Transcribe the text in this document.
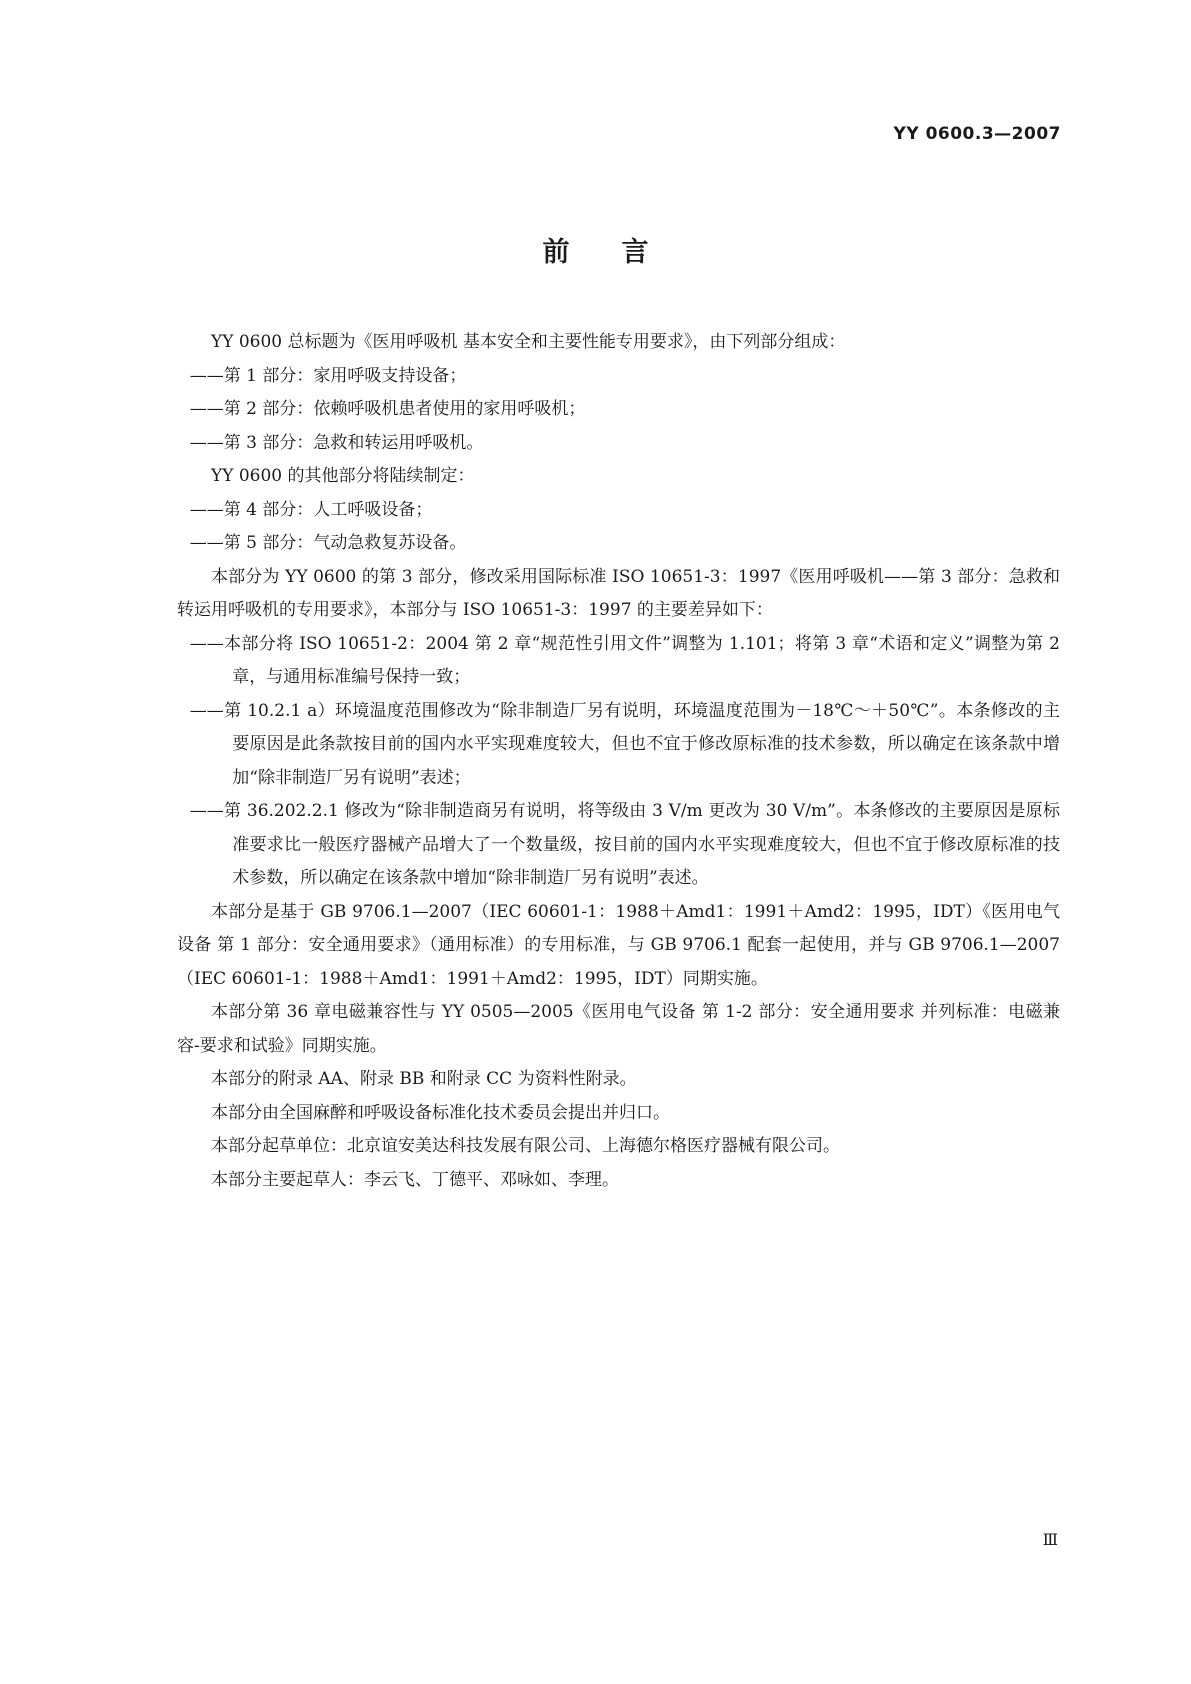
YY 0600.3—2007
前言

YY 0600 总标题为《医用呼吸机 基本安全和主要性能专用要求》，由下列部分组成：

——第 1 部分：家用呼吸支持设备；

——第 2 部分：依赖呼吸机患者使用的家用呼吸机；

——第 3 部分：急救和转运用呼吸机。

YY 0600 的其他部分将陆续制定：

——第 4 部分：人工呼吸设备；

——第 5 部分：气动急救复苏设备。

本部分为 YY 0600 的第 3 部分，修改采用国际标准 ISO 10651-3：1997《医用呼吸机——第 3 部分：急救和转运用呼吸机的专用要求》，本部分与 ISO 10651-3：1997 的主要差异如下：

——本部分将 ISO 10651-2：2004 第 2 章“规范性引用文件”调整为 1.101；将第 3 章“术语和定义”调整为第 2 章，与通用标准编号保持一致；

——第 10.2.1 a）环境温度范围修改为“除非制造厂另有说明，环境温度范围为－18℃～＋50℃”。本条修改的主要原因是此条款按目前的国内水平实现难度较大，但也不宜于修改原标准的技术参数，所以确定在该条款中增加“除非制造厂另有说明”表述；

——第 36.202.2.1 修改为“除非制造商另有说明，将等级由 3 V/m 更改为 30 V/m”。本条修改的主要原因是原标准要求比一般医疗器械产品增大了一个数量级，按目前的国内水平实现难度较大，但也不宜于修改原标准的技术参数，所以确定在该条款中增加“除非制造厂另有说明”表述。

本部分是基于 GB 9706.1—2007（IEC 60601-1：1988＋Amd1：1991＋Amd2：1995，IDT）《医用电气设备 第 1 部分：安全通用要求》（通用标准）的专用标准，与 GB 9706.1 配套一起使用，并与 GB 9706.1—2007（IEC 60601-1：1988＋Amd1：1991＋Amd2：1995，IDT）同期实施。

本部分第 36 章电磁兼容性与 YY 0505—2005《医用电气设备 第 1-2 部分：安全通用要求 并列标准：电磁兼容-要求和试验》同期实施。

本部分的附录 AA、附录 BB 和附录 CC 为资料性附录。

本部分由全国麻醉和呼吸设备标准化技术委员会提出并归口。

本部分起草单位：北京谊安美达科技发展有限公司、上海德尔格医疗器械有限公司。

本部分主要起草人：李云飞、丁德平、邓咏如、李理。

Ⅲ
